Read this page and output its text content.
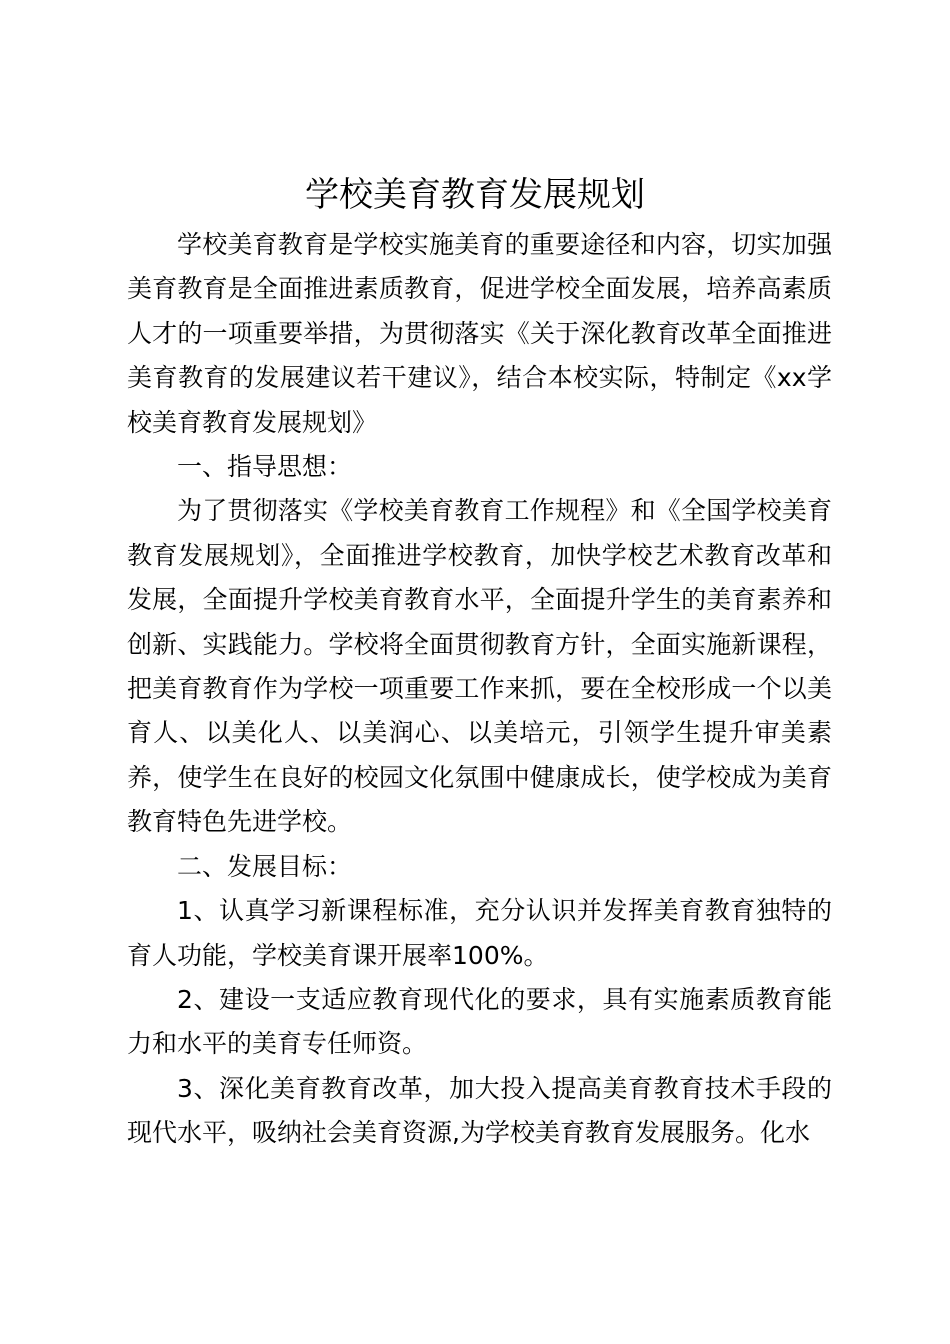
学校美育教育发展规划

学校美育教育是学校实施美育的重要途径和内容，切实加强美育教育是全面推进素质教育，促进学校全面发展，培养高素质人才的一项重要举措，为贯彻落实《关于深化教育改革全面推进美育教育的发展建议若干建议》，结合本校实际，特制定《xx学校美育教育发展规划》

一、指导思想：

为了贯彻落实《学校美育教育工作规程》和《全国学校美育教育发展规划》，全面推进学校教育，加快学校艺术教育改革和发展，全面提升学校美育教育水平，全面提升学生的美育素养和创新、实践能力。学校将全面贯彻教育方针，全面实施新课程，把美育教育作为学校一项重要工作来抓，要在全校形成一个以美育人、以美化人、以美润心、以美培元，引领学生提升审美素养，使学生在良好的校园文化氛围中健康成长，使学校成为美育教育特色先进学校。

二、发展目标：

1、认真学习新课程标准，充分认识并发挥美育教育独特的育人功能，学校美育课开展率100%。

2、建设一支适应教育现代化的要求，具有实施素质教育能力和水平的美育专任师资。

3、深化美育教育改革，加大投入提高美育教育技术手段的现代水平，吸纳社会美育资源,为学校美育教育发展服务。化水
